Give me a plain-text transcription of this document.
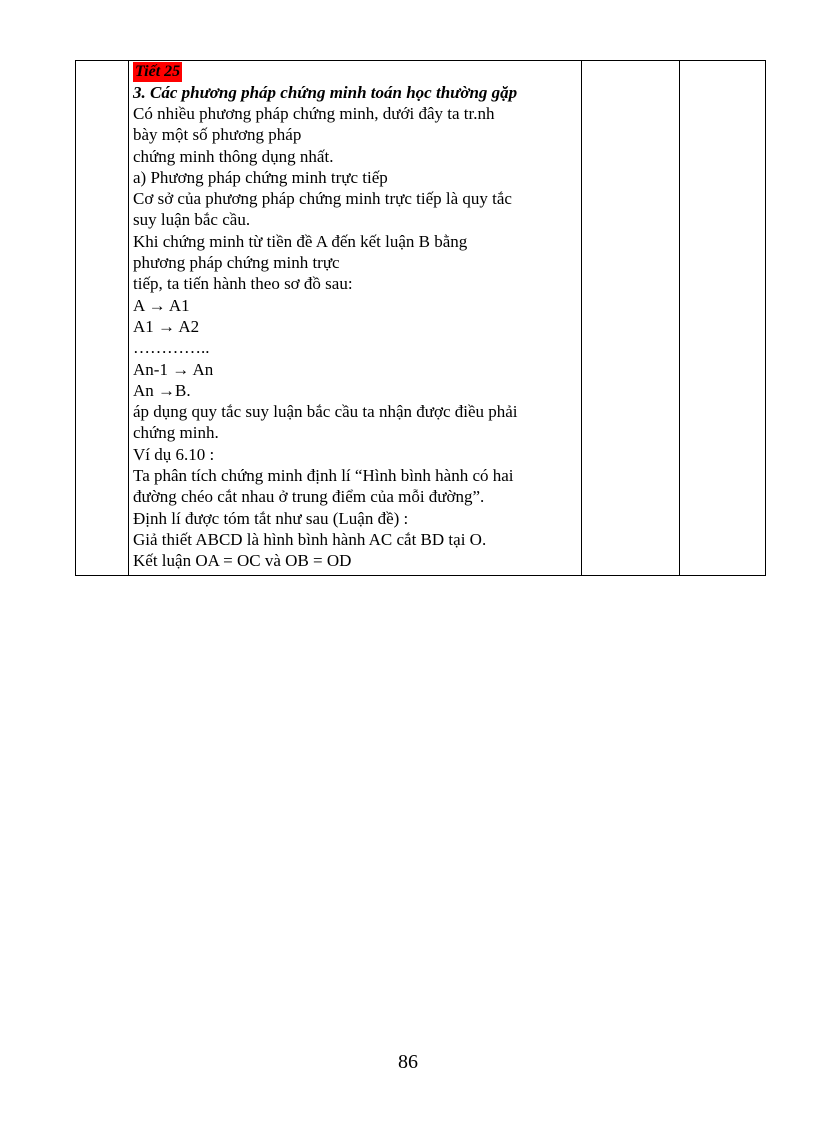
Tiết 25
3. Các phương pháp chứng minh toán học thường gặp
Có nhiều phương pháp chứng minh, dưới đây ta tr.nh
bày một số phương pháp
chứng minh thông dụng nhất.
a) Phương pháp chứng minh trực tiếp
Cơ sở của phương pháp chứng minh trực tiếp là quy tắc
suy luận bắc cầu.
Khi chứng minh từ tiền đề A đến kết luận B bằng
phương pháp chứng minh trực
tiếp, ta tiến hành theo sơ đồ sau:
A → A1
A1 → A2
…………..
An-1 → An
An →B.
áp dụng quy tắc suy luận bắc cầu ta nhận được điều phải
chứng minh.
Ví dụ 6.10 :
Ta phân tích chứng minh định lí “Hình bình hành có hai
đường chéo cắt nhau ở trung điểm của mỗi đường”.
Định lí được tóm tắt như sau (Luận đề) :
Giả thiết ABCD là hình bình hành AC cắt BD tại O.
Kết luận OA = OC và OB = OD
86
